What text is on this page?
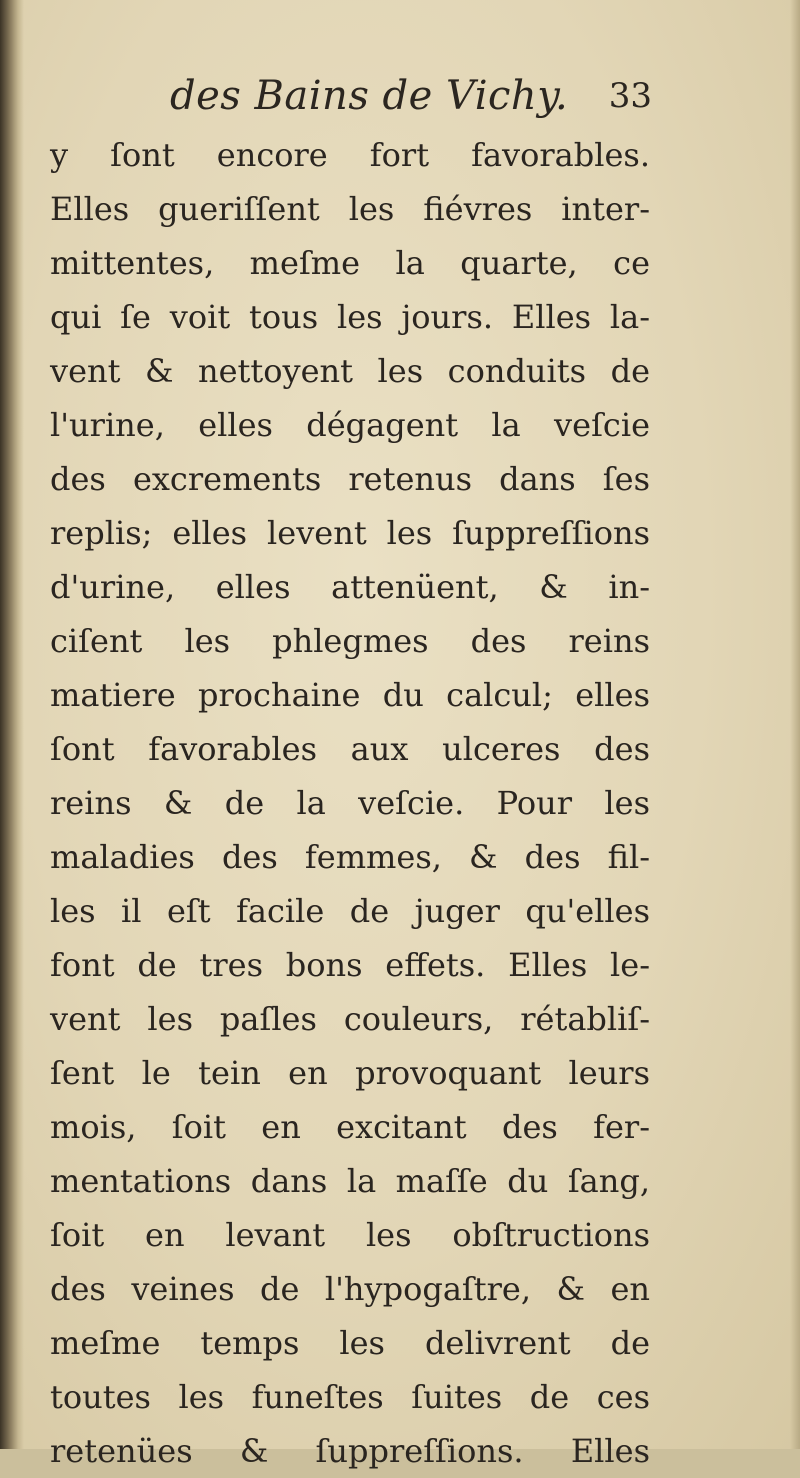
des Bains de Vichy. 33
y ſont encore fort favorables.
Elles gueriſſent les fiévres inter-
mittentes, meſme la quarte, ce
qui ſe voit tous les jours. Elles la-
vent & nettoyent les conduits de
l'urine, elles dégagent la veſcie
des excrements retenus dans ſes
replis; elles levent les ſuppreſſions
d'urine, elles attenüent, & in-
ciſent les phlegmes des reins
matiere prochaine du calcul; elles
ſont favorables aux ulceres des
reins & de la veſcie. Pour les
maladies des femmes, & des fil-
les il eſt facile de juger qu'elles
font de tres bons effets. Elles le-
vent les paſles couleurs, rétabliſ-
ſent le tein en provoquant leurs
mois, ſoit en excitant des fer-
mentations dans la maſſe du ſang,
ſoit en levant les obſtructions
des veines de l'hypogaſtre, & en
meſme temps les delivrent de
toutes les funeſtes ſuites de ces
retenües & ſuppreſſions. Elles
